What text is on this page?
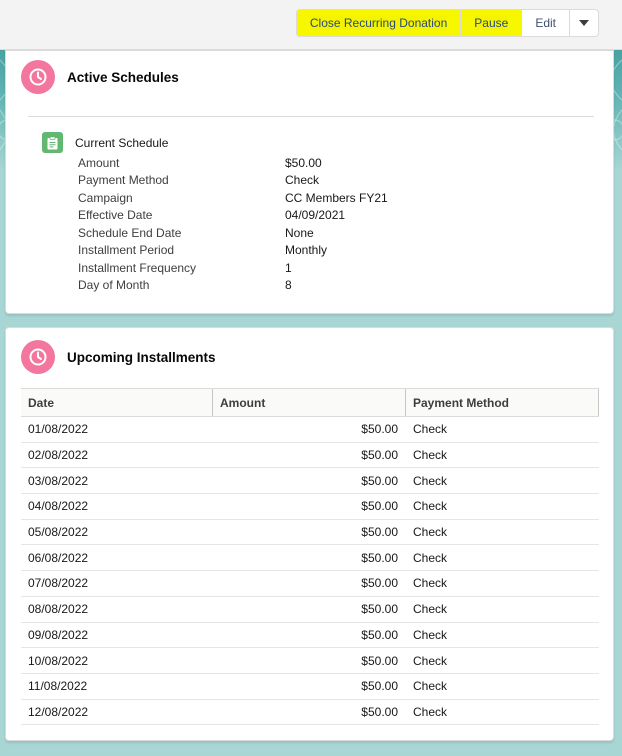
Close Recurring Donation Pause Edit
Active Schedules
Current Schedule
Amount	$50.00
Payment Method	Check
Campaign	CC Members FY21
Effective Date	04/09/2021
Schedule End Date	None
Installment Period	Monthly
Installment Frequency	1
Day of Month	8
Upcoming Installments
Date	Amount	Payment Method
01/08/2022	$50.00	Check
02/08/2022	$50.00	Check
03/08/2022	$50.00	Check
04/08/2022	$50.00	Check
05/08/2022	$50.00	Check
06/08/2022	$50.00	Check
07/08/2022	$50.00	Check
08/08/2022	$50.00	Check
09/08/2022	$50.00	Check
10/08/2022	$50.00	Check
11/08/2022	$50.00	Check
12/08/2022	$50.00	Check
